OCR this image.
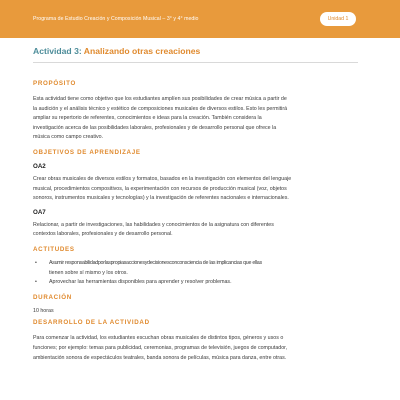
Programa de Estudio Creación y Composición Musical – 3° y 4° medio	Unidad 1
Actividad 3: Analizando otras creaciones
PROPÓSITO
Esta actividad tiene como objetivo que los estudiantes amplíen sus posibilidades de crear música a partir de
la audición y el análisis técnico y estético de composiciones musicales de diversos estilos. Esto les permitirá
ampliar su repertorio de referentes, conocimientos e ideas para la creación. También considera la
investigación acerca de las posibilidades laborales, profesionales y de desarrollo personal que ofrece la
música como campo creativo.
OBJETIVOS DE APRENDIZAJE
OA2
Crear obras musicales de diversos estilos y formatos, basados en la investigación con elementos del lenguaje
musical, procedimientos compositivos, la experimentación con recursos de producción musical (voz, objetos
sonoros, instrumentos musicales y tecnologías) y la investigación de referentes nacionales e internacionales.
OA7
Relacionar, a partir de investigaciones, las habilidades y conocimientos de la asignatura con diferentes
contextos laborales, profesionales y de desarrollo personal.
ACTITUDES
•	Asumir responsabilidadporlaspropiasaccionesydecisionesconconsciencia de las implicancias que ellas
tienen sobre sí mismo y los otros.
•	Aprovechar las herramientas disponibles para aprender y resolver problemas.
DURACIÓN
10 horas
DESARROLLO DE LA ACTIVIDAD
Para comenzar la actividad, los estudiantes escuchan obras musicales de distintos tipos, géneros y usos o
funciones; por ejemplo: temas para publicidad, ceremonias, programas de televisión, juegos de computador,
ambientación sonora de espectáculos teatrales, banda sonora de películas, música para danza, entre otras.
